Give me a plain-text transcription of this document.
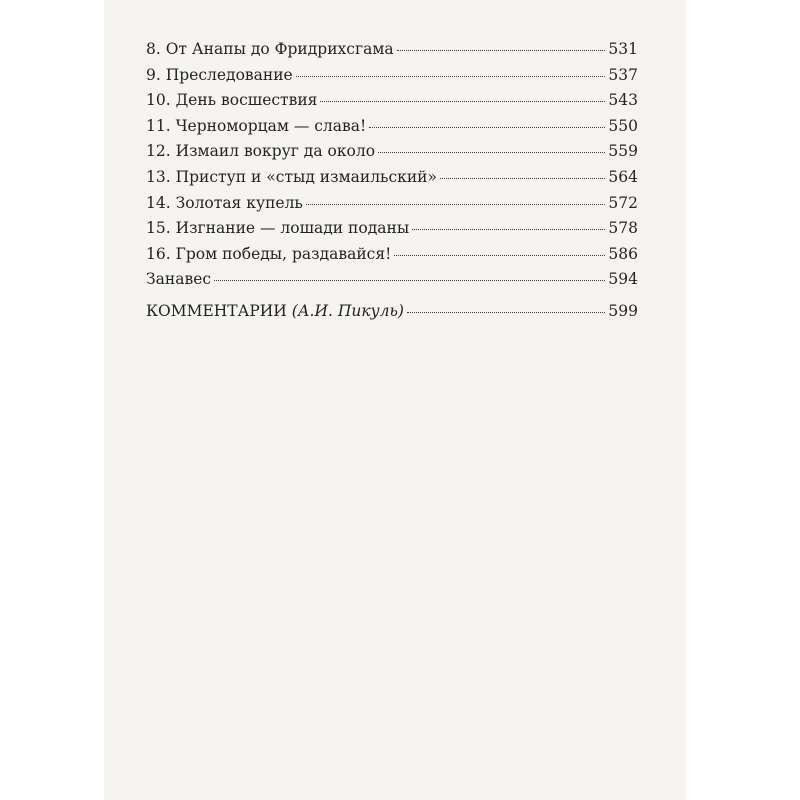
8. От Анапы до Фридрихсгама	531
9. Преследование	537
10. День восшествия	543
11. Черноморцам — слава!	550
12. Измаил вокруг да около	559
13. Приступ и «стыд измаильский»	564
14. Золотая купель	572
15. Изгнание — лошади поданы	578
16. Гром победы, раздавайся!	586
Занавес	594
КОММЕНТАРИИ (А.И. Пикуль)	599
